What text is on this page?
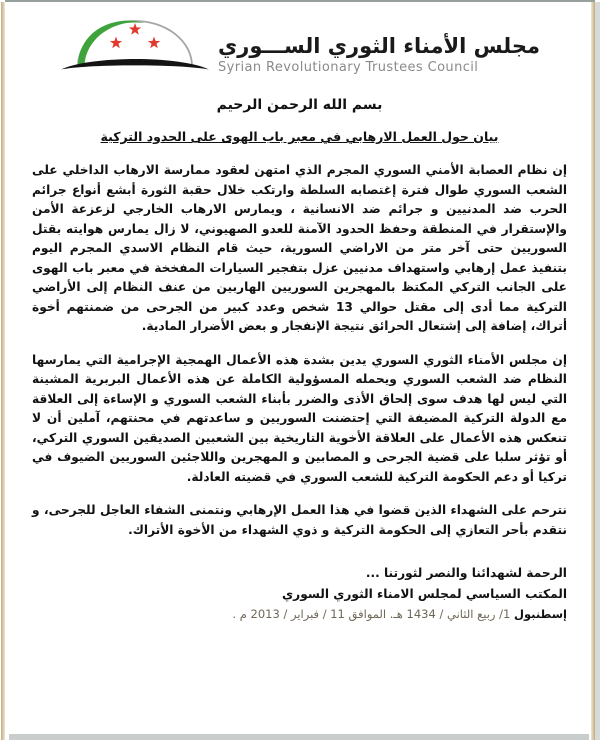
مجلس الأمناء الثوري الســـوري
Syrian Revolutionary Trustees Council
بسم الله الرحمن الرحيم
بيان حول العمل الارهابي في معبر باب الهوى على الحدود التركية

إن نظام العصابة الأمني السوري المجرم الذي امتهن لعقود ممارسة الارهاب الداخلي على الشعب السوري طوال فترة إغتصابه السلطة وارتكب خلال حقبة الثورة أبشع أنواع جرائم الحرب ضد المدنيين و جرائم ضد الانسانية ، ويمارس الارهاب الخارجي لزعزعة الأمن والإستقرار في المنطقة وحفظ الحدود الآمنة للعدو الصهيوني، لا زال يمارس هوايته بقتل السوريين حتى آخر متر من الاراضي السورية، حيث قام النظام الاسدي المجرم اليوم بتنفيذ عمل إرهابي واستهداف مدنيين عزل بتفجير السيارات المفخخة في معبر باب الهوى على الجانب التركي المكتظ بالمهجرين السوريين الهاربين من عنف النظام إلى الأراضي التركية مما أدى إلى مقتل حوالي 13 شخص وعدد كبير من الجرحى من ضمنتهم أخوة أتراك، إضافة إلى إشتعال الحرائق نتيجة الإنفجار و بعض الأضرار المادية.

إن مجلس الأمناء الثوري السوري يدين بشدة هذه الأعمال الهمجية الإجرامية التي يمارسها النظام ضد الشعب السوري ويحمله المسؤولية الكاملة عن هذه الأعمال البربرية المشينة التي ليس لها هدف سوى إلحاق الأذى والضرر بأبناء الشعب السوري و الإساءة إلى العلاقة مع الدولة التركية المضيفة التي إحتضنت السوريين و ساعدتهم في محنتهم، آملين أن لا تنعكس هذه الأعمال على العلاقة الأخوية التاريخية بين الشعبين الصديقين السوري التركي، أو تؤثر سلبا على قضية الجرحى و المصابين و المهجرين واللاجئين السوريين الضيوف في تركيا أو دعم الحكومة التركية للشعب السوري في قضيته العادلة.

نترحم على الشهداء الذين قضوا في هذا العمل الإرهابي ونتمنى الشفاء العاجل للجرحى، و نتقدم بأحر التعازي إلى الحكومة التركية و ذوي الشهداء من الأخوة الأتراك.

الرحمة لشهدائنا والنصر لثورتنا ...

المكتب السياسي لمجلس الامناء الثوري السوري

إسطنبول 1/ ربيع الثاني / 1434 هـ. الموافق 11 / فبراير / 2013 م .
